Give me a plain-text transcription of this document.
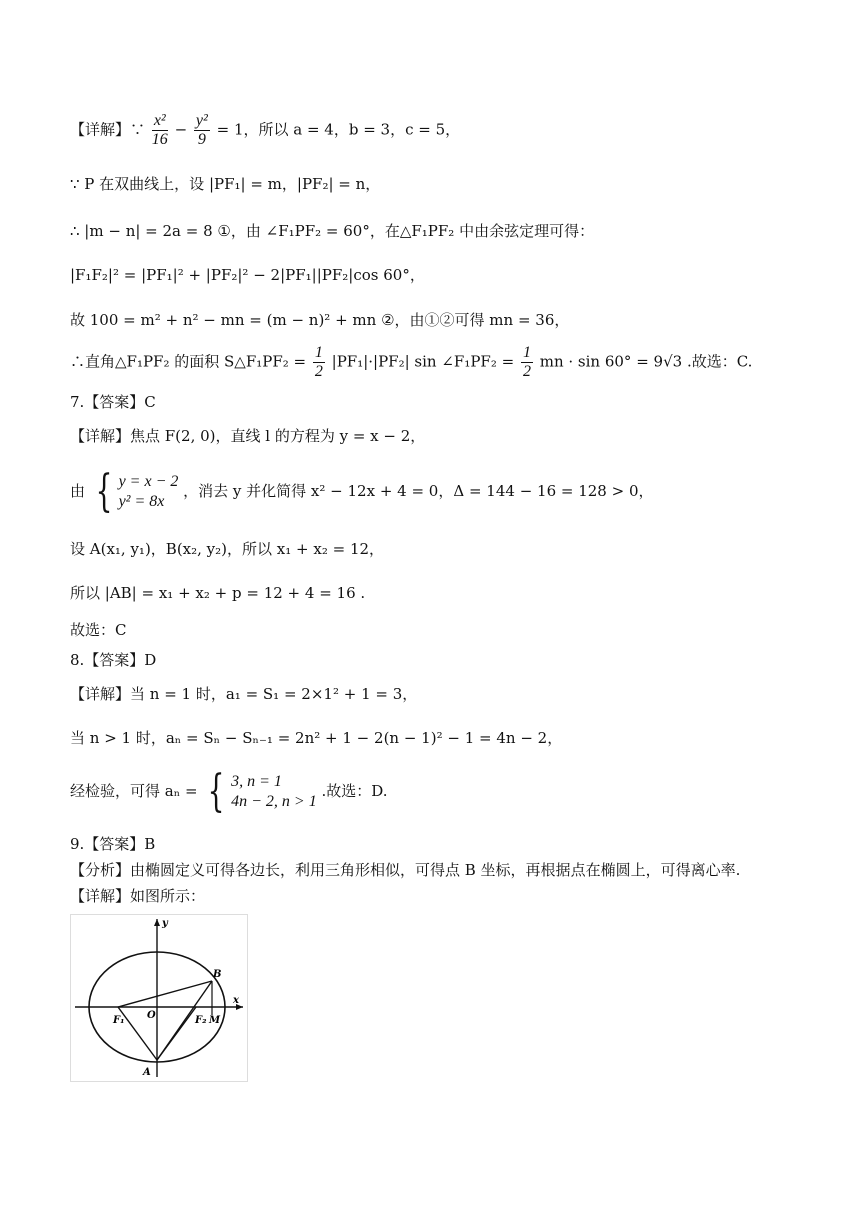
【详解】∵ $\frac{\text{x²}}{16} - \frac{\text{y²}}{9} = 1$，所以 a = 4，b = 3，c = 5，
∵ P 在双曲线上，设 |PF₁| = m，|PF₂| = n，
∴ |m − n| = 2a = 8 ①，由 ∠F₁PF₂ = 60°，在△F₁PF₂ 中由余弦定理可得：
|F₁F₂|² = |PF₁|² + |PF₂|² − 2|PF₁||PF₂|cos 60°，
故 100 = m² + n² − mn = (m − n)² + mn ②，由①②可得 mn = 36，
∴直角△F₁PF₂ 的面积 S△F₁PF₂ = $\frac{1}{2} |PF_1|\cdot|PF_2|$ sin ∠F₁PF₂ = $\frac{1}{2}$ mn · sin 60° = 9√3 .故选：C.
7.【答案】C
【详解】焦点 F(2, 0)，直线 l 的方程为 y = x − 2，
由 { y = x − 2
y² = 8x
，消去 y 并化简得 x² − 12x + 4 = 0，Δ = 144 − 16 = 128 > 0，
设 A(x₁, y₁)，B(x₂, y₂)，所以 x₁ + x₂ = 12，
所以 |AB| = x₁ + x₂ + p = 12 + 4 = 16 .
故选：C
8.【答案】D
【详解】当 n = 1 时，a₁ = S₁ = 2×1² + 1 = 3，
当 n > 1 时，aₙ = Sₙ − Sₙ₋₁ = 2n² + 1 − 2(n − 1)² − 1 = 4n − 2，
经检验，可得 aₙ = { 3, n = 1
4n − 2, n > 1
.故选：D.
9.【答案】B
【分析】由椭圆定义可得各边长，利用三角形相似，可得点 B 坐标，再根据点在椭圆上，可得离心率.
【详解】如图所示：
y
x
B
F₁ O	F₂ M
A
